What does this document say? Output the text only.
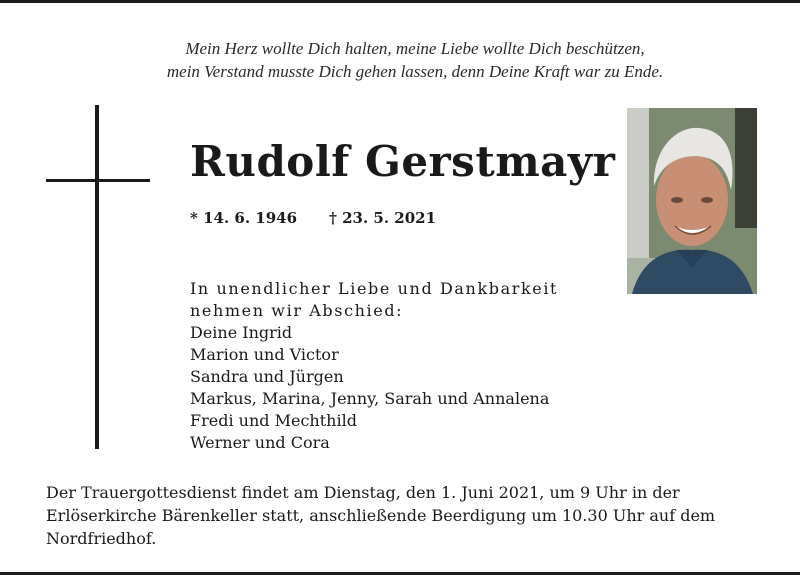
Mein Herz wollte Dich halten, meine Liebe wollte Dich beschützen,
mein Verstand musste Dich gehen lassen, denn Deine Kraft war zu Ende.
Rudolf Gerstmayr
* 14. 6. 1946 † 23. 5. 2021
In unendlicher Liebe und Dankbarkeit
nehmen wir Abschied:
Deine Ingrid
Marion und Victor
Sandra und Jürgen
Markus, Marina, Jenny, Sarah und Annalena
Fredi und Mechthild
Werner und Cora
Der Trauergottesdienst findet am Dienstag, den 1. Juni 2021, um 9 Uhr in der
Erlöserkirche Bärenkeller statt, anschließende Beerdigung um 10.30 Uhr auf dem
Nordfriedhof.
